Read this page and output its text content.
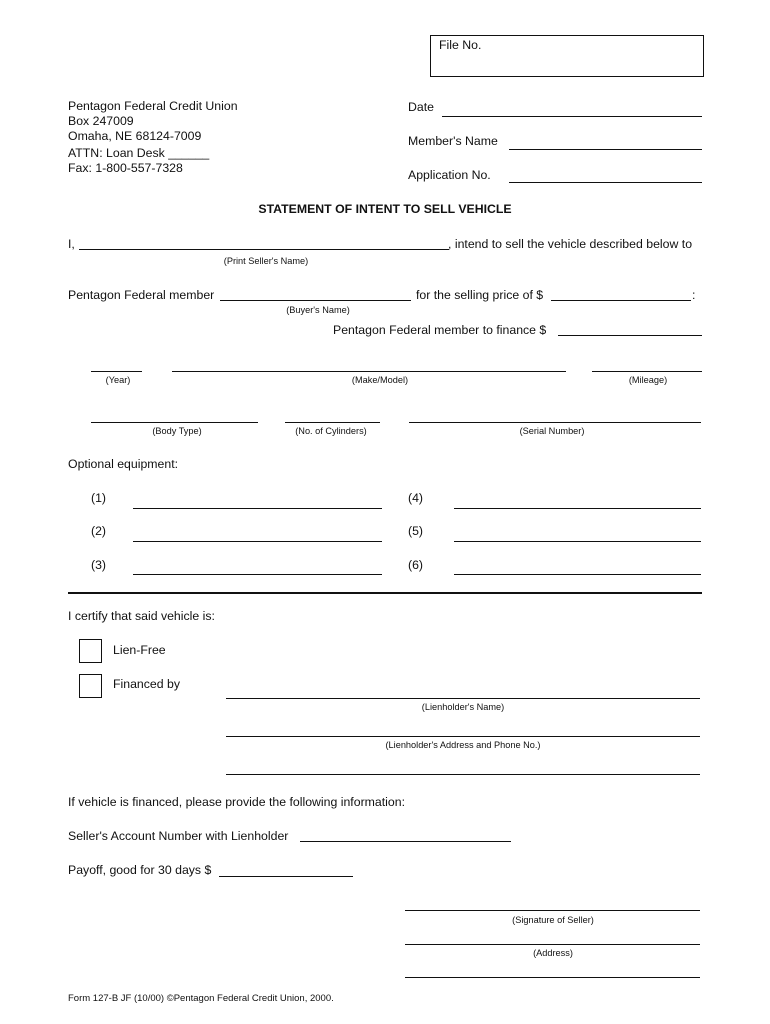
File No.
Pentagon Federal Credit Union
Box 247009
Omaha, NE 68124-7009
ATTN: Loan Desk ______
Fax: 1-800-557-7328
Date
Member's Name
Application No.
STATEMENT OF INTENT TO SELL VEHICLE
I,	, intend to sell the vehicle described below to
(Print Seller's Name)
Pentagon Federal member	for the selling price of $	:
(Buyer's Name)
Pentagon Federal member to finance $
(Year)	(Make/Model)	(Mileage)
(Body Type)	(No. of Cylinders)	(Serial Number)
Optional equipment:
(1)
(2)
(3)
(4)
(5)
(6)
I certify that said vehicle is:
Lien-Free
Financed by
(Lienholder's Name)
(Lienholder's Address and Phone No.)
If vehicle is financed, please provide the following information:
Seller's Account Number with Lienholder
Payoff, good for 30 days $
(Signature of Seller)
(Address)
Form 127-B JF (10/00) ©Pentagon Federal Credit Union, 2000.
